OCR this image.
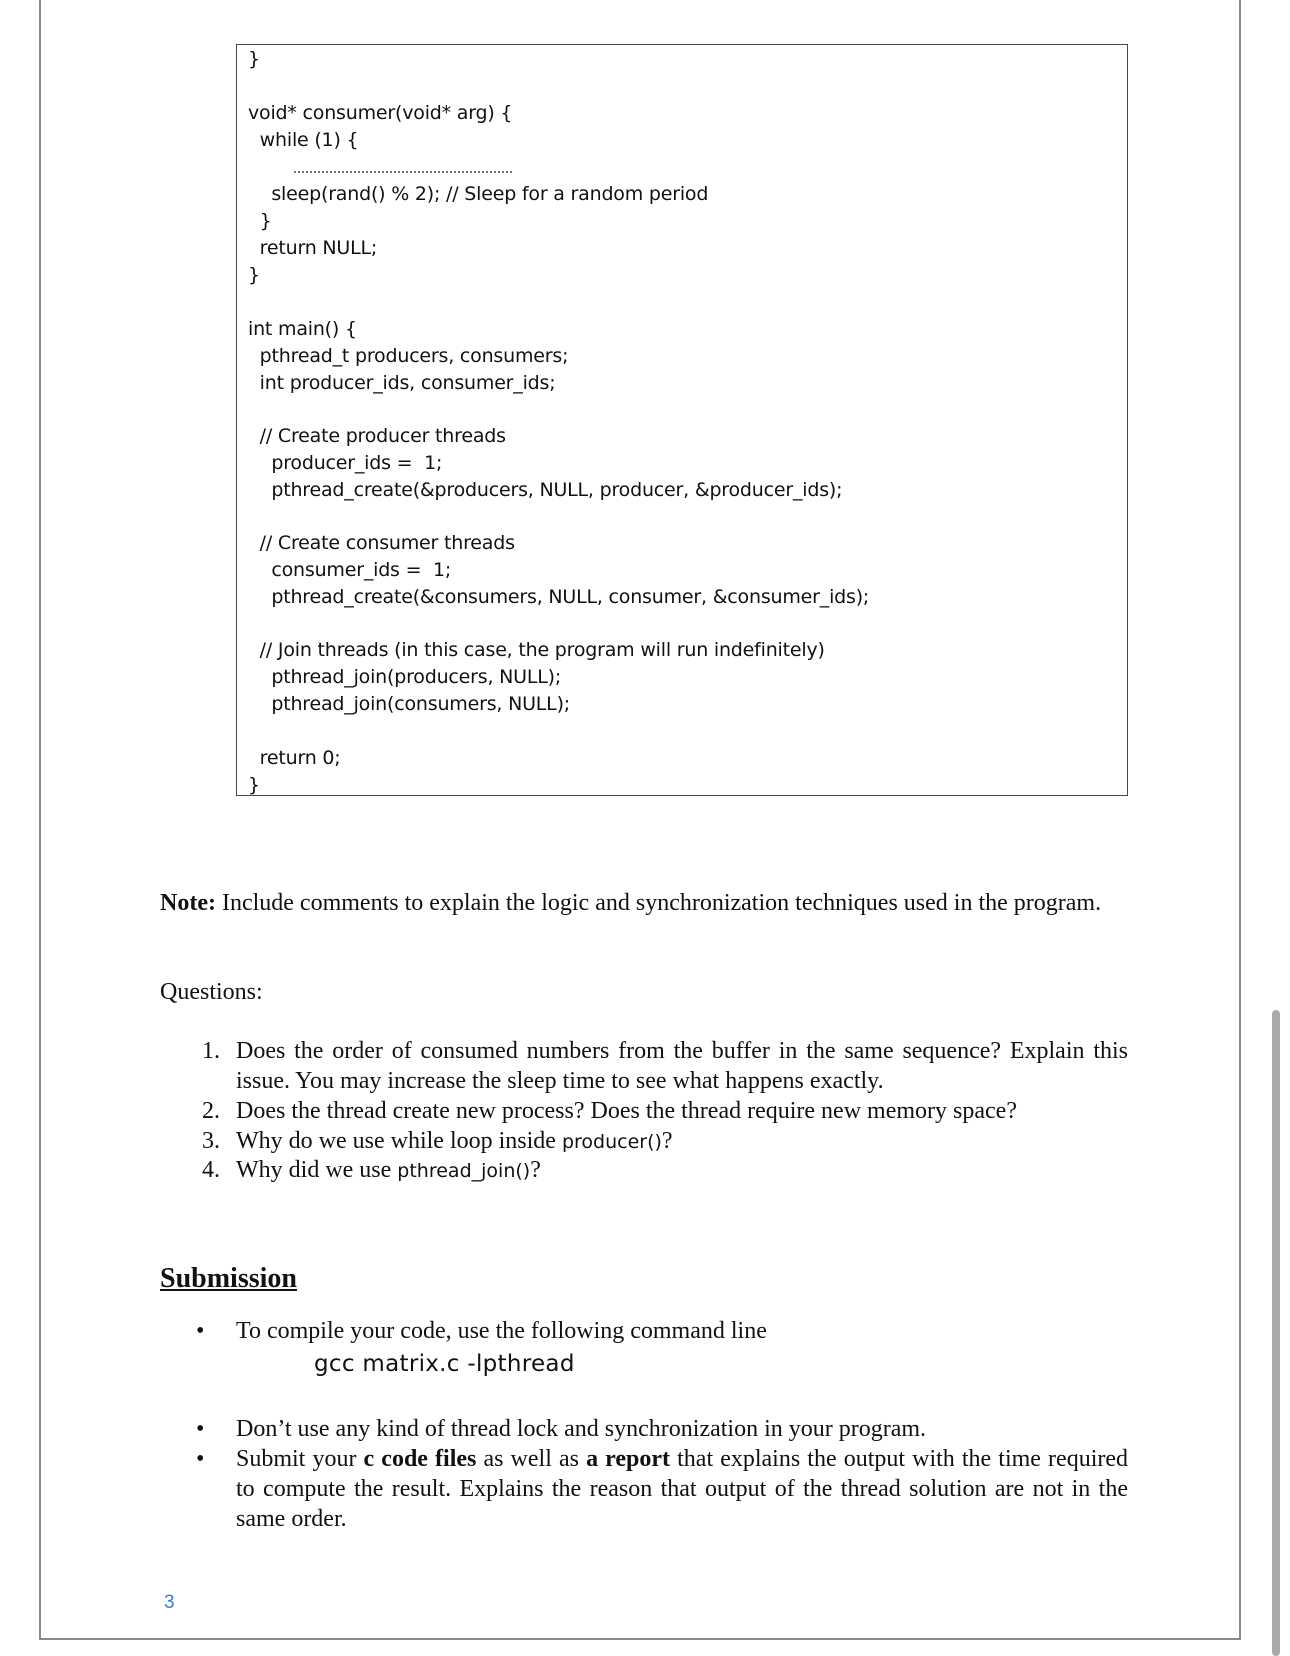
}
void* consumer(void* arg) {
while (1) {
sleep(rand() % 2); // Sleep for a random period
}
return NULL;
}
int main() {
pthread_t producers, consumers;
int producer_ids, consumer_ids;
// Create producer threads
producer_ids =  1;
pthread_create(&producers, NULL, producer, &producer_ids);
// Create consumer threads
consumer_ids =  1;
pthread_create(&consumers, NULL, consumer, &consumer_ids);
// Join threads (in this case, the program will run indefinitely)
pthread_join(producers, NULL);
pthread_join(consumers, NULL);
return 0;
}
Note: Include comments to explain the logic and synchronization techniques used in the program.
Questions:
1. Does the order of consumed numbers from the buffer in the same sequence? Explain this issue. You may increase the sleep time to see what happens exactly.
2. Does the thread create new process? Does the thread require new memory space?
3. Why do we use while loop inside producer()?
4. Why did we use pthread_join()?
Submission
• To compile your code, use the following command line
gcc matrix.c -lpthread
• Don’t use any kind of thread lock and synchronization in your program.
• Submit your c code files as well as a report that explains the output with the time required to compute the result. Explains the reason that output of the thread solution are not in the same order.
3
